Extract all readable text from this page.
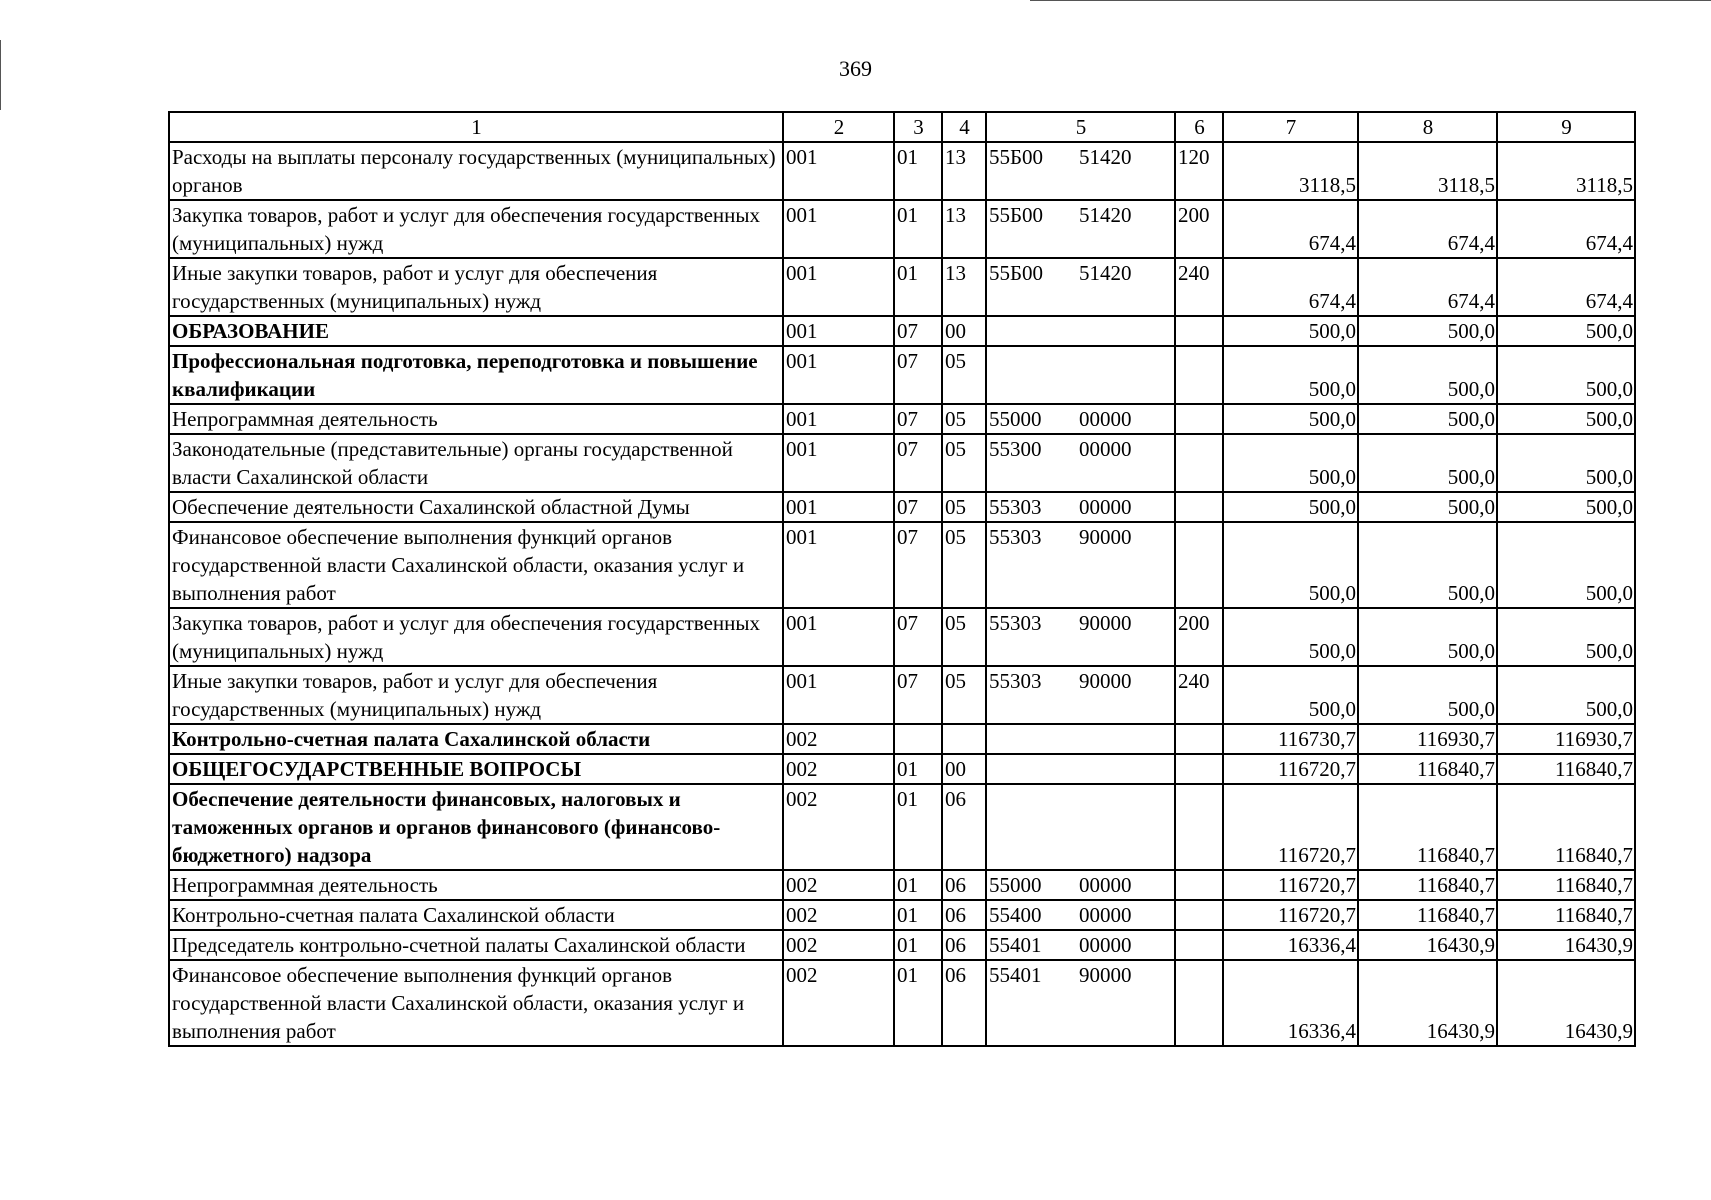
369
1	2	3	4	5	6	7	8	9
Расходы на выплаты персоналу государственных (муниципальных) органов	001	01	13	55Б00 51420	120	3118,5	3118,5	3118,5
Закупка товаров, работ и услуг для обеспечения государственных (муниципальных) нужд	001	01	13	55Б00 51420	200	674,4	674,4	674,4
Иные закупки товаров, работ и услуг для обеспечения государственных (муниципальных) нужд	001	01	13	55Б00 51420	240	674,4	674,4	674,4
ОБРАЗОВАНИЕ	001	07	00			500,0	500,0	500,0
Профессиональная подготовка, переподготовка и повышение квалификации	001	07	05			500,0	500,0	500,0
Непрограммная деятельность	001	07	05	55000 00000		500,0	500,0	500,0
Законодательные (представительные) органы государственной власти Сахалинской области	001	07	05	55300 00000		500,0	500,0	500,0
Обеспечение деятельности Сахалинской областной Думы	001	07	05	55303 00000		500,0	500,0	500,0
Финансовое обеспечение выполнения функций органов государственной власти Сахалинской области, оказания услуг и выполнения работ	001	07	05	55303 90000		500,0	500,0	500,0
Закупка товаров, работ и услуг для обеспечения государственных (муниципальных) нужд	001	07	05	55303 90000	200	500,0	500,0	500,0
Иные закупки товаров, работ и услуг для обеспечения государственных (муниципальных) нужд	001	07	05	55303 90000	240	500,0	500,0	500,0
Контрольно-счетная палата Сахалинской области	002					116730,7	116930,7	116930,7
ОБЩЕГОСУДАРСТВЕННЫЕ ВОПРОСЫ	002	01	00			116720,7	116840,7	116840,7
Обеспечение деятельности финансовых, налоговых и таможенных органов и органов финансового (финансово-бюджетного) надзора	002	01	06			116720,7	116840,7	116840,7
Непрограммная деятельность	002	01	06	55000 00000		116720,7	116840,7	116840,7
Контрольно-счетная палата Сахалинской области	002	01	06	55400 00000		116720,7	116840,7	116840,7
Председатель контрольно-счетной палаты Сахалинской области	002	01	06	55401 00000		16336,4	16430,9	16430,9
Финансовое обеспечение выполнения функций органов государственной власти Сахалинской области, оказания услуг и выполнения работ	002	01	06	55401 90000		16336,4	16430,9	16430,9
